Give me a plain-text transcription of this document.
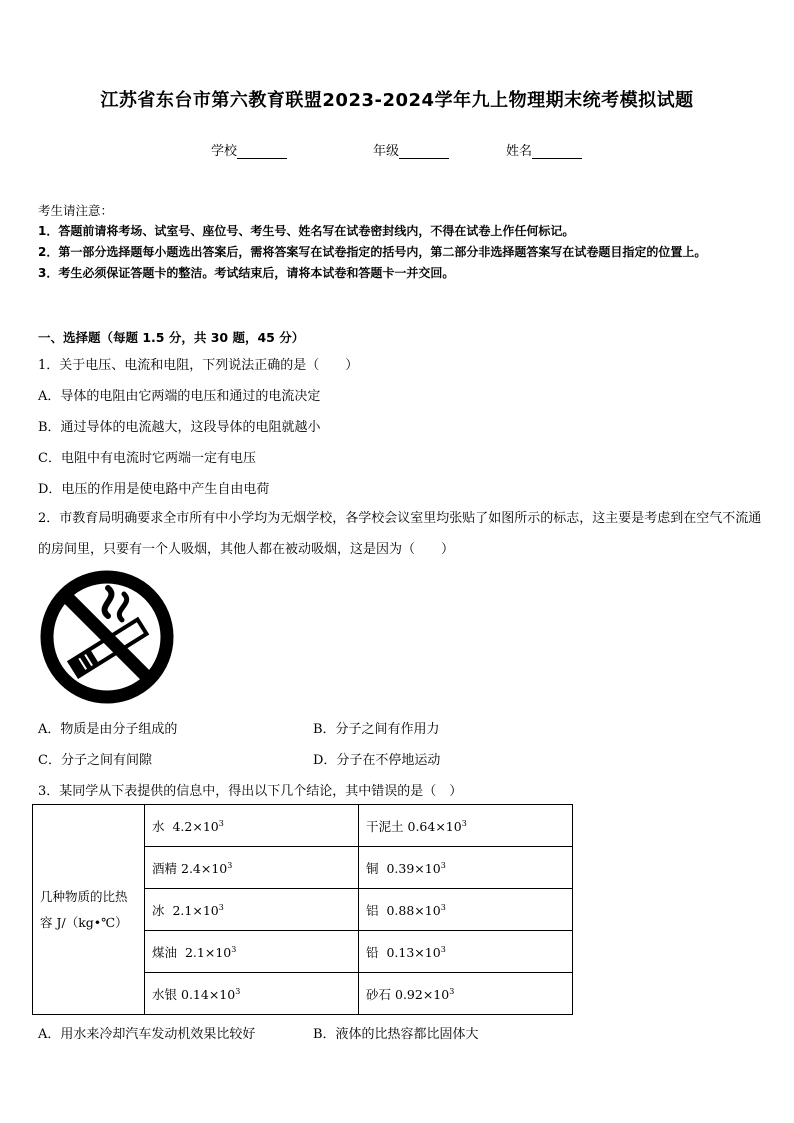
江苏省东台市第六教育联盟2023-2024学年九上物理期末统考模拟试题
学校	年级	姓名
考生请注意：
1．答题前请将考场、试室号、座位号、考生号、姓名写在试卷密封线内，不得在试卷上作任何标记。
2．第一部分选择题每小题选出答案后，需将答案写在试卷指定的括号内，第二部分非选择题答案写在试卷题目指定的位置上。
3．考生必须保证答题卡的整洁。考试结束后，请将本试卷和答题卡一并交回。
一、选择题（每题 1.5 分，共 30 题，45 分）
1．关于电压、电流和电阻，下列说法正确的是（　　）
A．导体的电阻由它两端的电压和通过的电流决定
B．通过导体的电流越大，这段导体的电阻就越小
C．电阻中有电流时它两端一定有电压
D．电压的作用是使电路中产生自由电荷
2．市教育局明确要求全市所有中小学均为无烟学校，各学校会议室里均张贴了如图所示的标志，这主要是考虑到在空气不流通的房间里，只要有一个人吸烟，其他人都在被动吸烟，这是因为（　　）
A．物质是由分子组成的	B．分子之间有作用力
C．分子之间有间隙	D．分子在不停地运动
3．某同学从下表提供的信息中，得出以下几个结论，其中错误的是（　）
几种物质的比热
容 J/（kg•℃）	水 $4.2\times 10^3$	干泥土 $0.64\times 10^3$
	酒精 $2.4\times 10^3$	铜 $0.39\times 10^3$
	冰 $2.1\times 10^3$	铝 $0.88\times 10^3$
	煤油 $2.1\times 10^3$	铅 $0.13\times 10^3$
	水银 $0.14\times 10^3$	砂石 $0.92\times 10^3$
A．用水来冷却汽车发动机效果比较好	B．液体的比热容都比固体大
